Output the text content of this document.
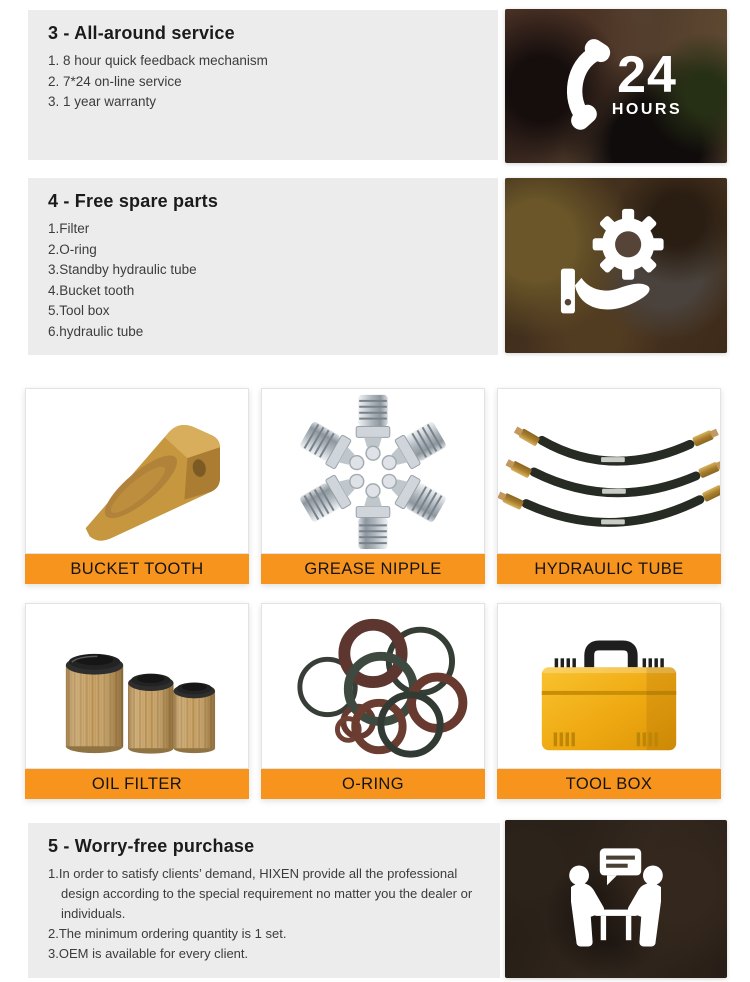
3 - All-around service
1. 8 hour quick feedback mechanism
2. 7*24 on-line service
3. 1 year warranty	24
HOURS
4 - Free spare parts
1.Filter
2.O-ring
3.Standby hydraulic tube
4.Bucket tooth
5.Tool box
6.hydraulic tube
BUCKET TOOTH	GREASE NIPPLE	HYDRAULIC TUBE
OIL FILTER	O-RING	TOOL BOX
5 - Worry-free purchase
1.In order to satisfy clients’ demand, HIXEN provide all the professional design according to the special requirement no matter you the dealer or individuals.
2.The minimum ordering quantity is 1 set.
3.OEM is available for every client.
